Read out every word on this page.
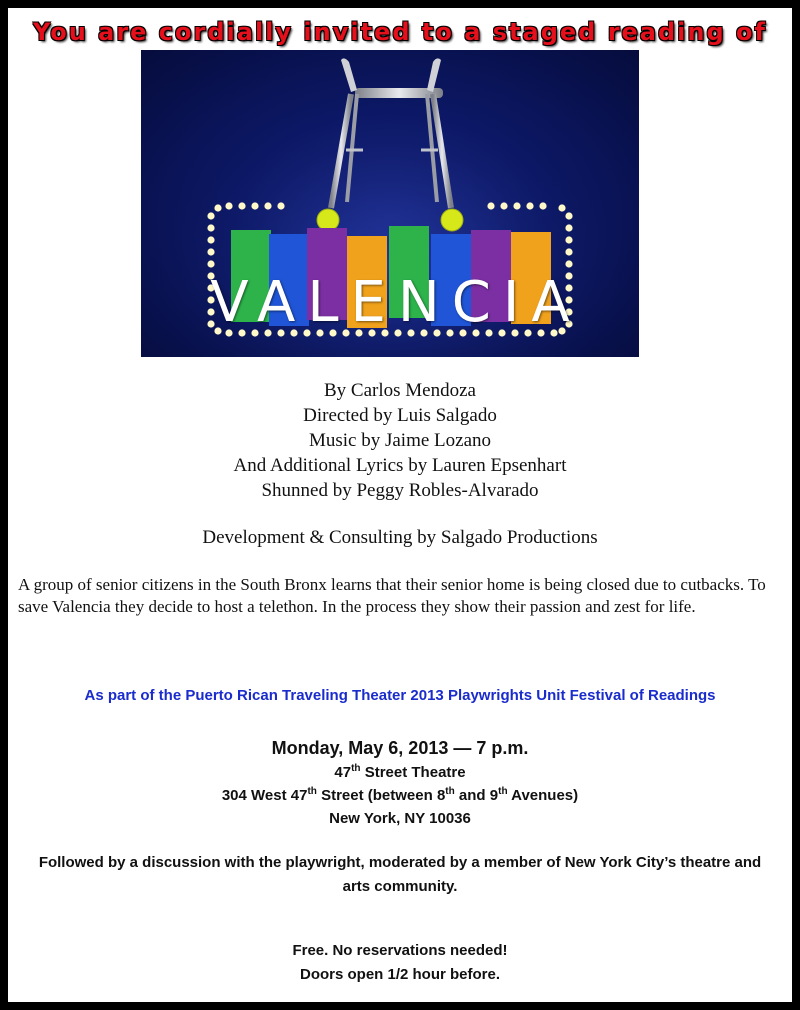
You are cordially invited to a staged reading of
VALENCIA
By Carlos Mendoza
Directed by Luis Salgado
Music by Jaime Lozano
And Additional Lyrics by Lauren Epsenhart
Shunned by Peggy Robles-Alvarado
Development & Consulting by Salgado Productions
A group of senior citizens in the South Bronx learns that their senior home is being closed due to cutbacks. To save Valencia they decide to host a telethon. In the process they show their passion and zest for life.
As part of the Puerto Rican Traveling Theater 2013 Playwrights Unit Festival of Readings
Monday, May 6, 2013 — 7 p.m.
47th Street Theatre
304 West 47th Street (between 8th and 9th Avenues)
New York, NY 10036
Followed by a discussion with the playwright, moderated by a member of New York City’s theatre and arts community.
Free. No reservations needed!
Doors open 1/2 hour before.
